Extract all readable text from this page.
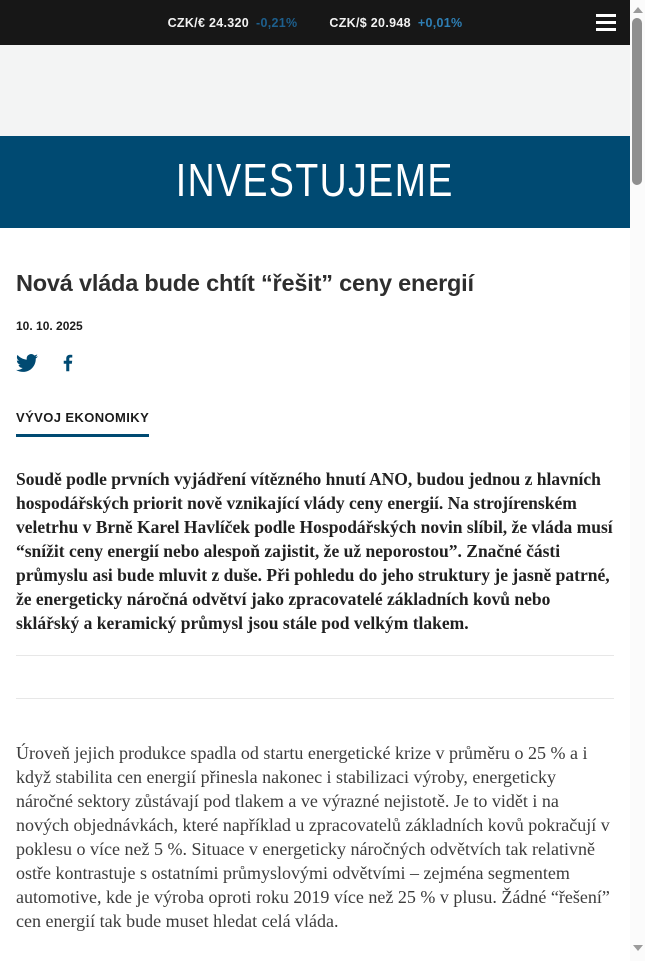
CZK/€ 24.320 -0,21%	CZK/$ 20.948 +0,01%
INVESTUJEME
Nová vláda bude chtít “řešit” ceny energií
10. 10. 2025
VÝVOJ EKONOMIKY

Soudě podle prvních vyjádření vítězného hnutí ANO, budou jednou z hlavních hospodářských priorit nově vznikající vlády ceny energií. Na strojírenském veletrhu v Brně Karel Havlíček podle Hospodářských novin slíbil, že vláda musí “snížit ceny energií nebo alespoň zajistit, že už neporostou”. Značné části průmyslu asi bude mluvit z duše. Při pohledu do jeho struktury je jasně patrné, že energeticky náročná odvětví jako zpracovatelé základních kovů nebo sklářský a keramický průmysl jsou stále pod velkým tlakem.

Úroveň jejich produkce spadla od startu energetické krize v průměru o 25 % a i když stabilita cen energií přinesla nakonec i stabilizaci výroby, energeticky náročné sektory zůstávají pod tlakem a ve výrazné nejistotě. Je to vidět i na nových objednávkách, které například u zpracovatelů základních kovů pokračují v poklesu o více než 5 %. Situace v energeticky náročných odvětvích tak relativně ostře kontrastuje s ostatními průmyslovými odvětvími – zejména segmentem automotive, kde je výroba oproti roku 2019 více než 25 % v plusu. Žádné “řešení” cen energií tak bude muset hledat celá vláda.
